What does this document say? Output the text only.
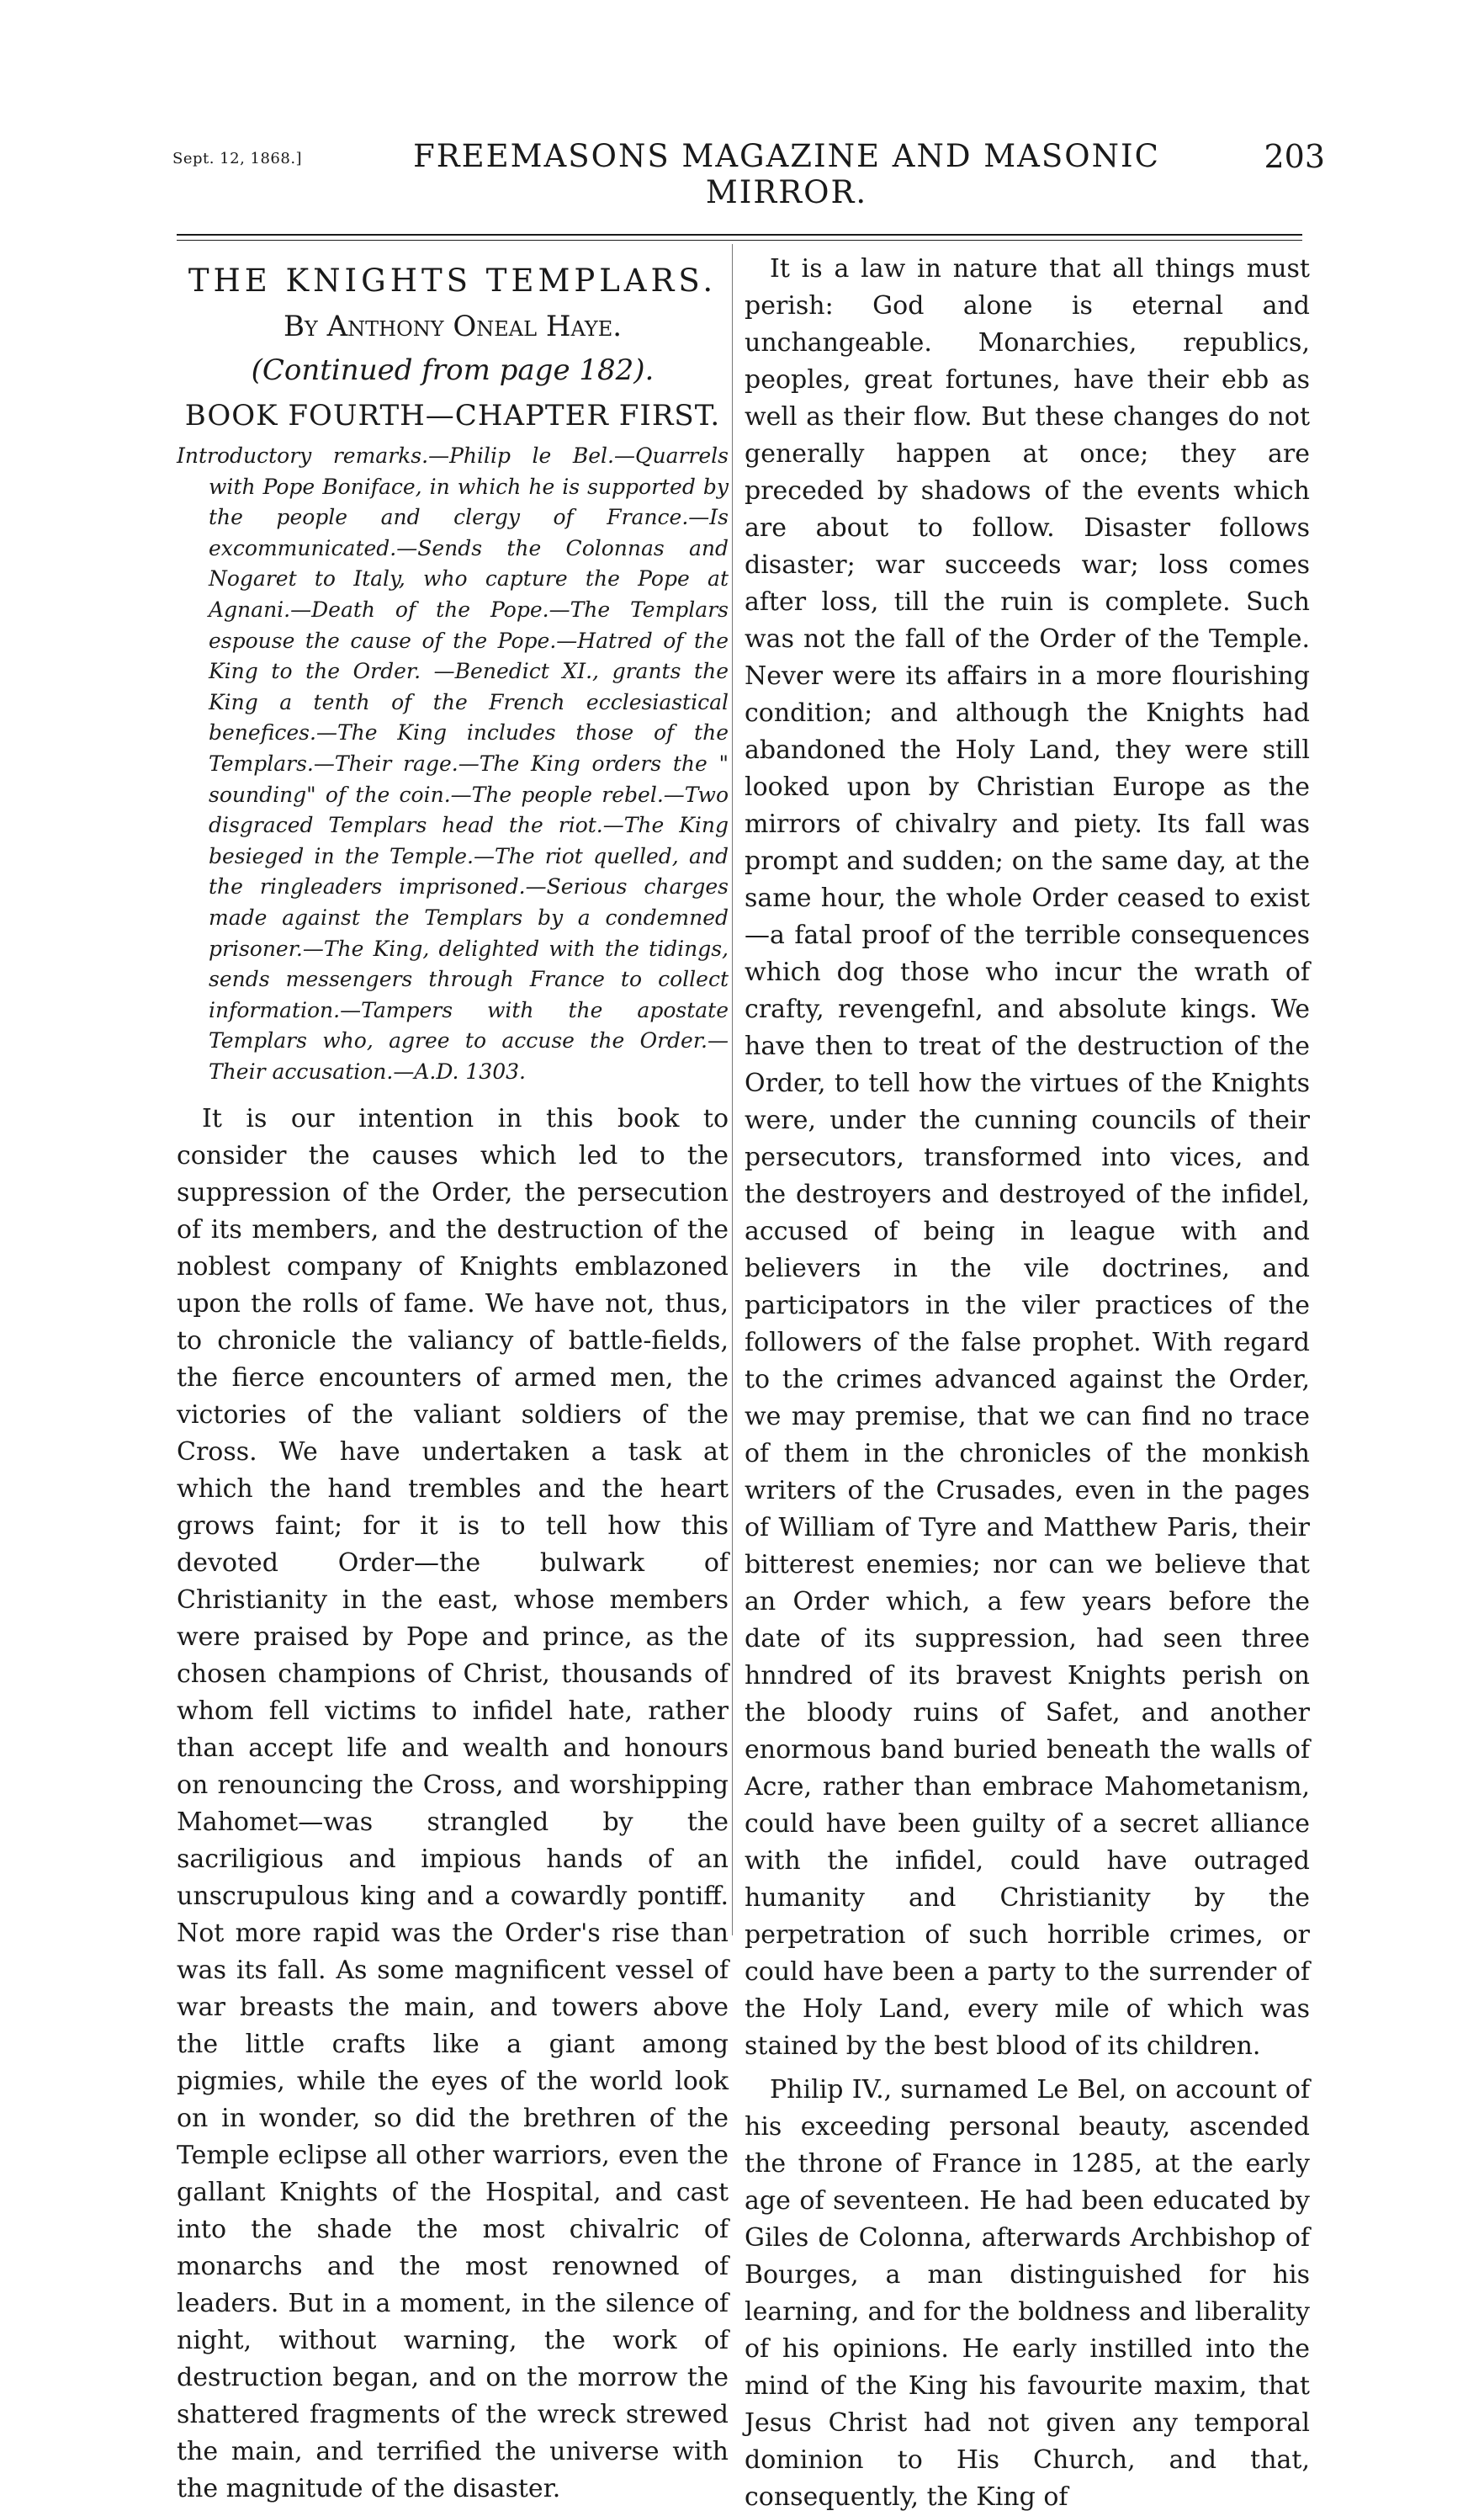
Sept. 12, 1868.]	FREEMASONS MAGAZINE AND MASONIC MIRROR.
203
THE KNIGHTS TEMPLARS.
By Anthony Oneal Haye.
(Continued from page 182).
BOOK FOURTH—CHAPTER FIRST.
Introductory remarks.—Philip le Bel.—Quarrels with Pope Boniface, in which he is supported by the people and clergy of France.—Is excommunicated.—Sends the Colonnas and Nogaret to Italy, who capture the Pope at Agnani.—Death of the Pope.—The Templars espouse the cause of the Pope.—Hatred of the King to the Order. —Benedict XI., grants the King a tenth of the French ecclesiastical benefices.—The King includes those of the Templars.—Their rage.—The King orders the " sounding" of the coin.—The people rebel.—Two disgraced Templars head the riot.—The King besieged in the Temple.—The riot quelled, and the ringleaders imprisoned.—Serious charges made against the Templars by a condemned prisoner.—The King, delighted with the tidings, sends messengers through France to collect information.—Tampers with the apostate Templars who, agree to accuse the Order.—Their accusation.—A.D. 1303.

It is our intention in this book to consider the causes which led to the suppression of the Order, the persecution of its members, and the destruction of the noblest company of Knights emblazoned upon the rolls of fame. We have not, thus, to chronicle the valiancy of battle-fields, the fierce encounters of armed men, the victories of the valiant soldiers of the Cross. We have undertaken a task at which the hand trembles and the heart grows faint; for it is to tell how this devoted Order—the bulwark of Christianity in the east, whose members were praised by Pope and prince, as the chosen champions of Christ, thousands of whom fell victims to infidel hate, rather than accept life and wealth and honours on renouncing the Cross, and worshipping Mahomet—was strangled by the sacriligious and impious hands of an unscrupulous king and a cowardly pontiff. Not more rapid was the Order's rise than was its fall. As some magnificent vessel of war breasts the main, and towers above the little crafts like a giant among pigmies, while the eyes of the world look on in wonder, so did the brethren of the Temple eclipse all other warriors, even the gallant Knights of the Hospital, and cast into the shade the most chivalric of monarchs and the most renowned of leaders. But in a moment, in the silence of night, without warning, the work of destruction began, and on the morrow the shattered fragments of the wreck strewed the main, and terrified the universe with the magnitude of the disaster.

It is a law in nature that all things must perish: God alone is eternal and unchangeable. Monarchies, republics, peoples, great fortunes, have their ebb as well as their flow. But these changes do not generally happen at once; they are preceded by shadows of the events which are about to follow. Disaster follows disaster; war succeeds war; loss comes after loss, till the ruin is complete. Such was not the fall of the Order of the Temple. Never were its affairs in a more flourishing condition; and although the Knights had abandoned the Holy Land, they were still looked upon by Christian Europe as the mirrors of chivalry and piety. Its fall was prompt and sudden; on the same day, at the same hour, the whole Order ceased to exist—a fatal proof of the terrible consequences which dog those who incur the wrath of crafty, revengefnl, and absolute kings. We have then to treat of the destruction of the Order, to tell how the virtues of the Knights were, under the cunning councils of their persecutors, transformed into vices, and the destroyers and destroyed of the infidel, accused of being in league with and believers in the vile doctrines, and participators in the viler practices of the followers of the false prophet. With regard to the crimes advanced against the Order, we may premise, that we can find no trace of them in the chronicles of the monkish writers of the Crusades, even in the pages of William of Tyre and Matthew Paris, their bitterest enemies; nor can we believe that an Order which, a few years before the date of its suppression, had seen three hnndred of its bravest Knights perish on the bloody ruins of Safet, and another enormous band buried beneath the walls of Acre, rather than embrace Mahometanism, could have been guilty of a secret alliance with the infidel, could have outraged humanity and Christianity by the perpetration of such horrible crimes, or could have been a party to the surrender of the Holy Land, every mile of which was stained by the best blood of its children.

Philip IV., surnamed Le Bel, on account of his exceeding personal beauty, ascended the throne of France in 1285, at the early age of seventeen. He had been educated by Giles de Colonna, afterwards Archbishop of Bourges, a man distinguished for his learning, and for the boldness and liberality of his opinions. He early instilled into the mind of the King his favourite maxim, that Jesus Christ had not given any temporal dominion to His Church, and that, consequently, the King of
